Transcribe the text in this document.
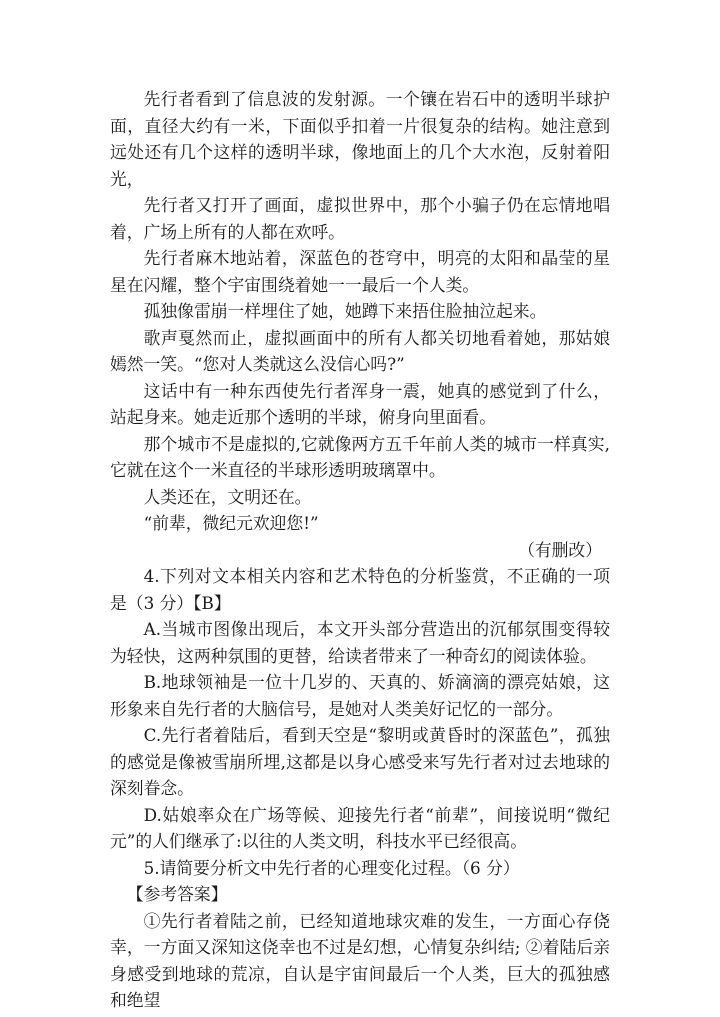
先行者看到了信息波的发射源。一个镶在岩石中的透明半球护面，直径大约有一米，下面似乎扣着一片很复杂的结构。她注意到远处还有几个这样的透明半球，像地面上的几个大水泡，反射着阳光，

先行者又打开了画面，虚拟世界中，那个小骗子仍在忘情地唱着，广场上所有的人都在欢呼。

先行者麻木地站着，深蓝色的苍穹中，明亮的太阳和晶莹的星星在闪耀，整个宇宙围绕着她一一最后一个人类。

孤独像雷崩一样埋住了她，她蹲下来捂住脸抽泣起来。

歌声戛然而止，虚拟画面中的所有人都关切地看着她，那姑娘嫣然一笑。“您对人类就这么没信心吗?”

这话中有一种东西使先行者浑身一震，她真的感觉到了什么，站起身来。她走近那个透明的半球，俯身向里面看。

那个城市不是虚拟的,它就像两方五千年前人类的城市一样真实,它就在这个一米直径的半球形透明玻璃罩中。

人类还在，文明还在。

“前辈，微纪元欢迎您!”

（有删改）

4.下列对文本相关内容和艺术特色的分析鉴赏，不正确的一项是（3 分）【B】

A.当城市图像出现后，本文开头部分营造出的沉郁氛围变得较为轻快，这两种氛围的更替，给读者带来了一种奇幻的阅读体验。

B.地球领袖是一位十几岁的、天真的、娇滴滴的漂亮姑娘，这形象来自先行者的大脑信号，是她对人类美好记忆的一部分。

C.先行者着陆后，看到天空是“黎明或黄昏时的深蓝色”，孤独的感觉是像被雪崩所埋,这都是以身心感受来写先行者对过去地球的深刻眷念。

D.姑娘率众在广场等候、迎接先行者“前辈”，间接说明“微纪元”的人们继承了:以往的人类文明，科技水平已经很高。

5.请简要分析文中先行者的心理变化过程。（6 分）

【参考答案】

①先行者着陆之前，已经知道地球灾难的发生，一方面心存侥幸，一方面又深知这侥幸也不过是幻想，心情复杂纠结; ②着陆后亲身感受到地球的荒凉，自认是宇宙间最后一个人类，巨大的孤独感和绝望
